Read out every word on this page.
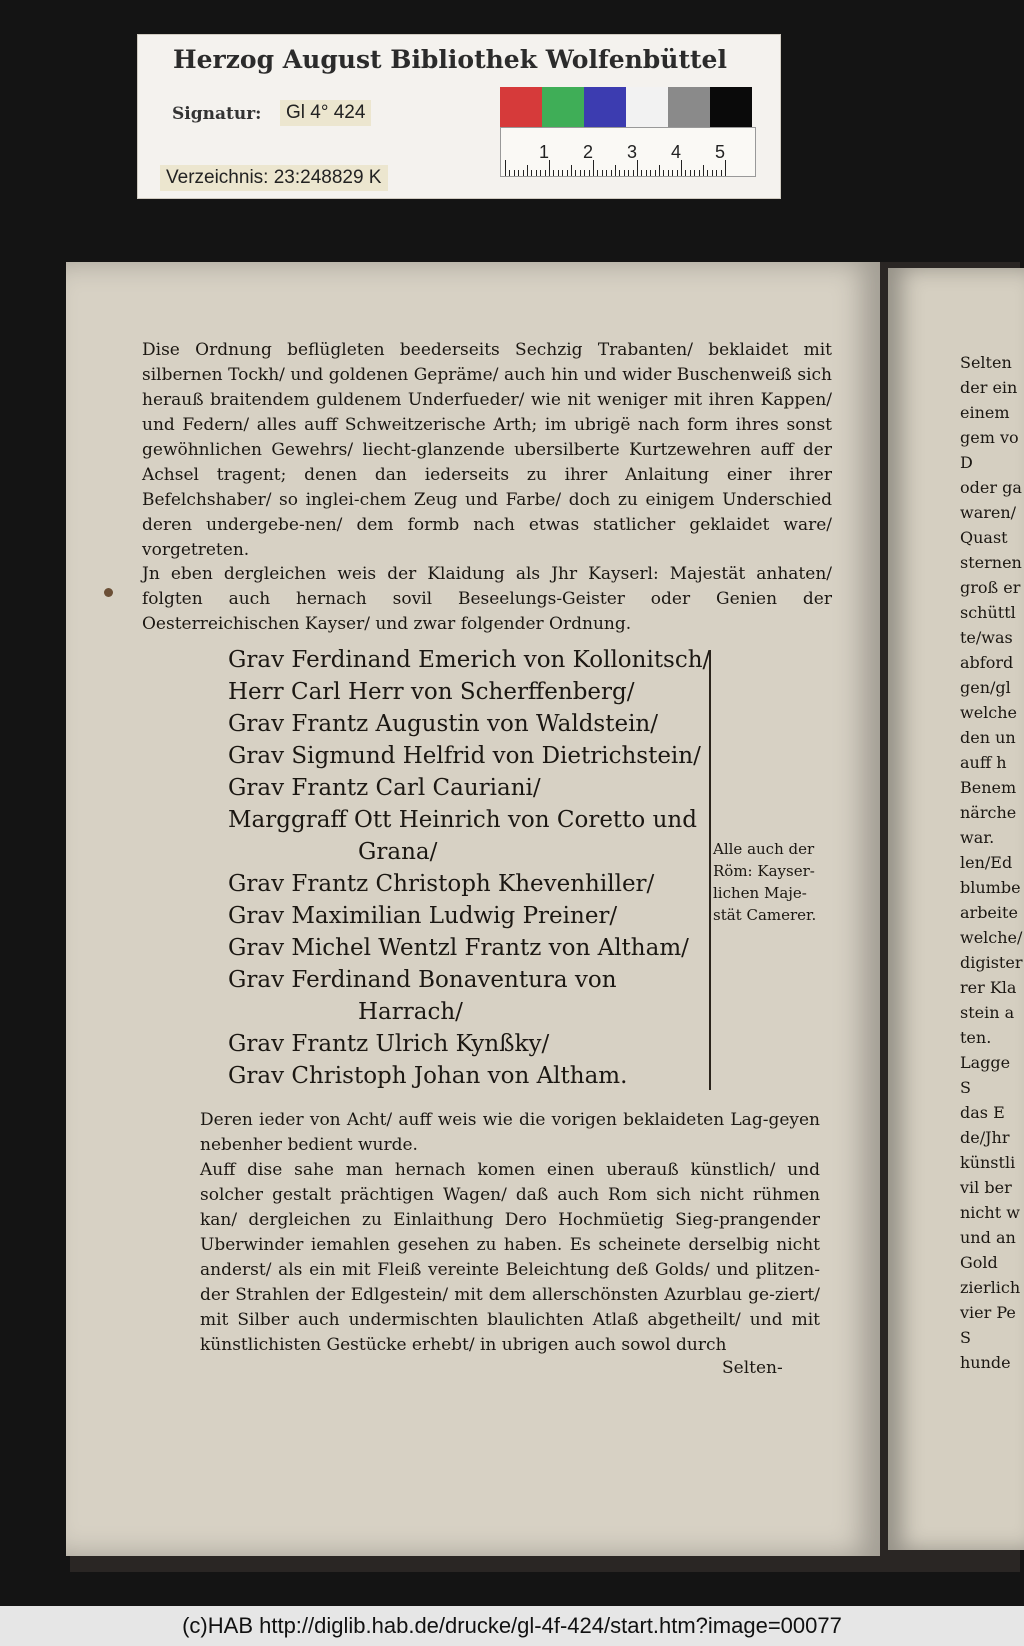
Herzog August Bibliothek Wolfenbüttel
Signatur:	Gl 4° 424
Verzeichnis: 23:248829 K
1 2 3 4 5
Dise Ordnung beflügleten beederseits Sechzig Trabanten/ beklaidet mit silbernen Tockh/ und goldenen Gepräme/ auch hin und wider Buschenweiß sich herauß braitendem guldenem Underfueder/ wie nit weniger mit ihren Kappen/ und Federn/ alles auff Schweitzerische Arth; im ubrigë nach form ihres sonst gewöhnlichen Gewehrs/ liecht-glanzende ubersilberte Kurtzewehren auff der Achsel tragent; denen dan iederseits zu ihrer Anlaitung einer ihrer Befelchshaber/ so inglei-chem Zeug und Farbe/ doch zu einigem Underschied deren undergebe-nen/ dem formb nach etwas statlicher geklaidet ware/ vorgetreten.
Jn eben dergleichen weis der Klaidung als Jhr Kayserl: Majestät anhaten/ folgten auch hernach sovil Beseelungs-Geister oder Genien der Oesterreichischen Kayser/ und zwar folgender Ordnung.
Grav Ferdinand Emerich von Kollonitsch/
Herr Carl Herr von Scherffenberg/
Grav Frantz Augustin von Waldstein/
Grav Sigmund Helfrid von Dietrichstein/
Grav Frantz Carl Cauriani/
Marggraff Ott Heinrich von Coretto und
Grana/
Grav Frantz Christoph Khevenhiller/
Grav Maximilian Ludwig Preiner/
Grav Michel Wentzl Frantz von Altham/
Grav Ferdinand Bonaventura von
Harrach/
Grav Frantz Ulrich Kynßky/
Grav Christoph Johan von Altham.
Alle auch der Röm: Kayser-lichen Maje-stät Camerer.
Deren ieder von Acht/ auff weis wie die vorigen beklaideten Lag-geyen nebenher bedient wurde.
Auff dise sahe man hernach komen einen uberauß künstlich/ und solcher gestalt prächtigen Wagen/ daß auch Rom sich nicht rühmen kan/ dergleichen zu Einlaithung Dero Hochmüetig Sieg-prangender Uberwinder iemahlen gesehen zu haben. Es scheinete derselbig nicht anderst/ als ein mit Fleiß vereinte Beleichtung deß Golds/ und plitzen-der Strahlen der Edlgestein/ mit dem allerschönsten Azurblau ge-ziert/ mit Silber auch undermischten blaulichten Atlaß abgetheilt/ und mit künstlichisten Gestücke erhebt/ in ubrigen auch sowol durch
Selten-
Selten
der ein
einem
gem vo
D
oder ga
waren/
Quast
sternen
groß er
schüttl
te/was
abford
gen/gl
welche
den un
auff h
Benem
närche
war.
len/Ed
blumbe
arbeite
welche/
digister
rer Kla
stein a
ten.
Lagge
S
das E
de/Jhr
künstli
vil ber
nicht w
und an
Gold
zierlich
vier Pe
S
hunde
(c)HAB http://diglib.hab.de/drucke/gl-4f-424/start.htm?image=00077
